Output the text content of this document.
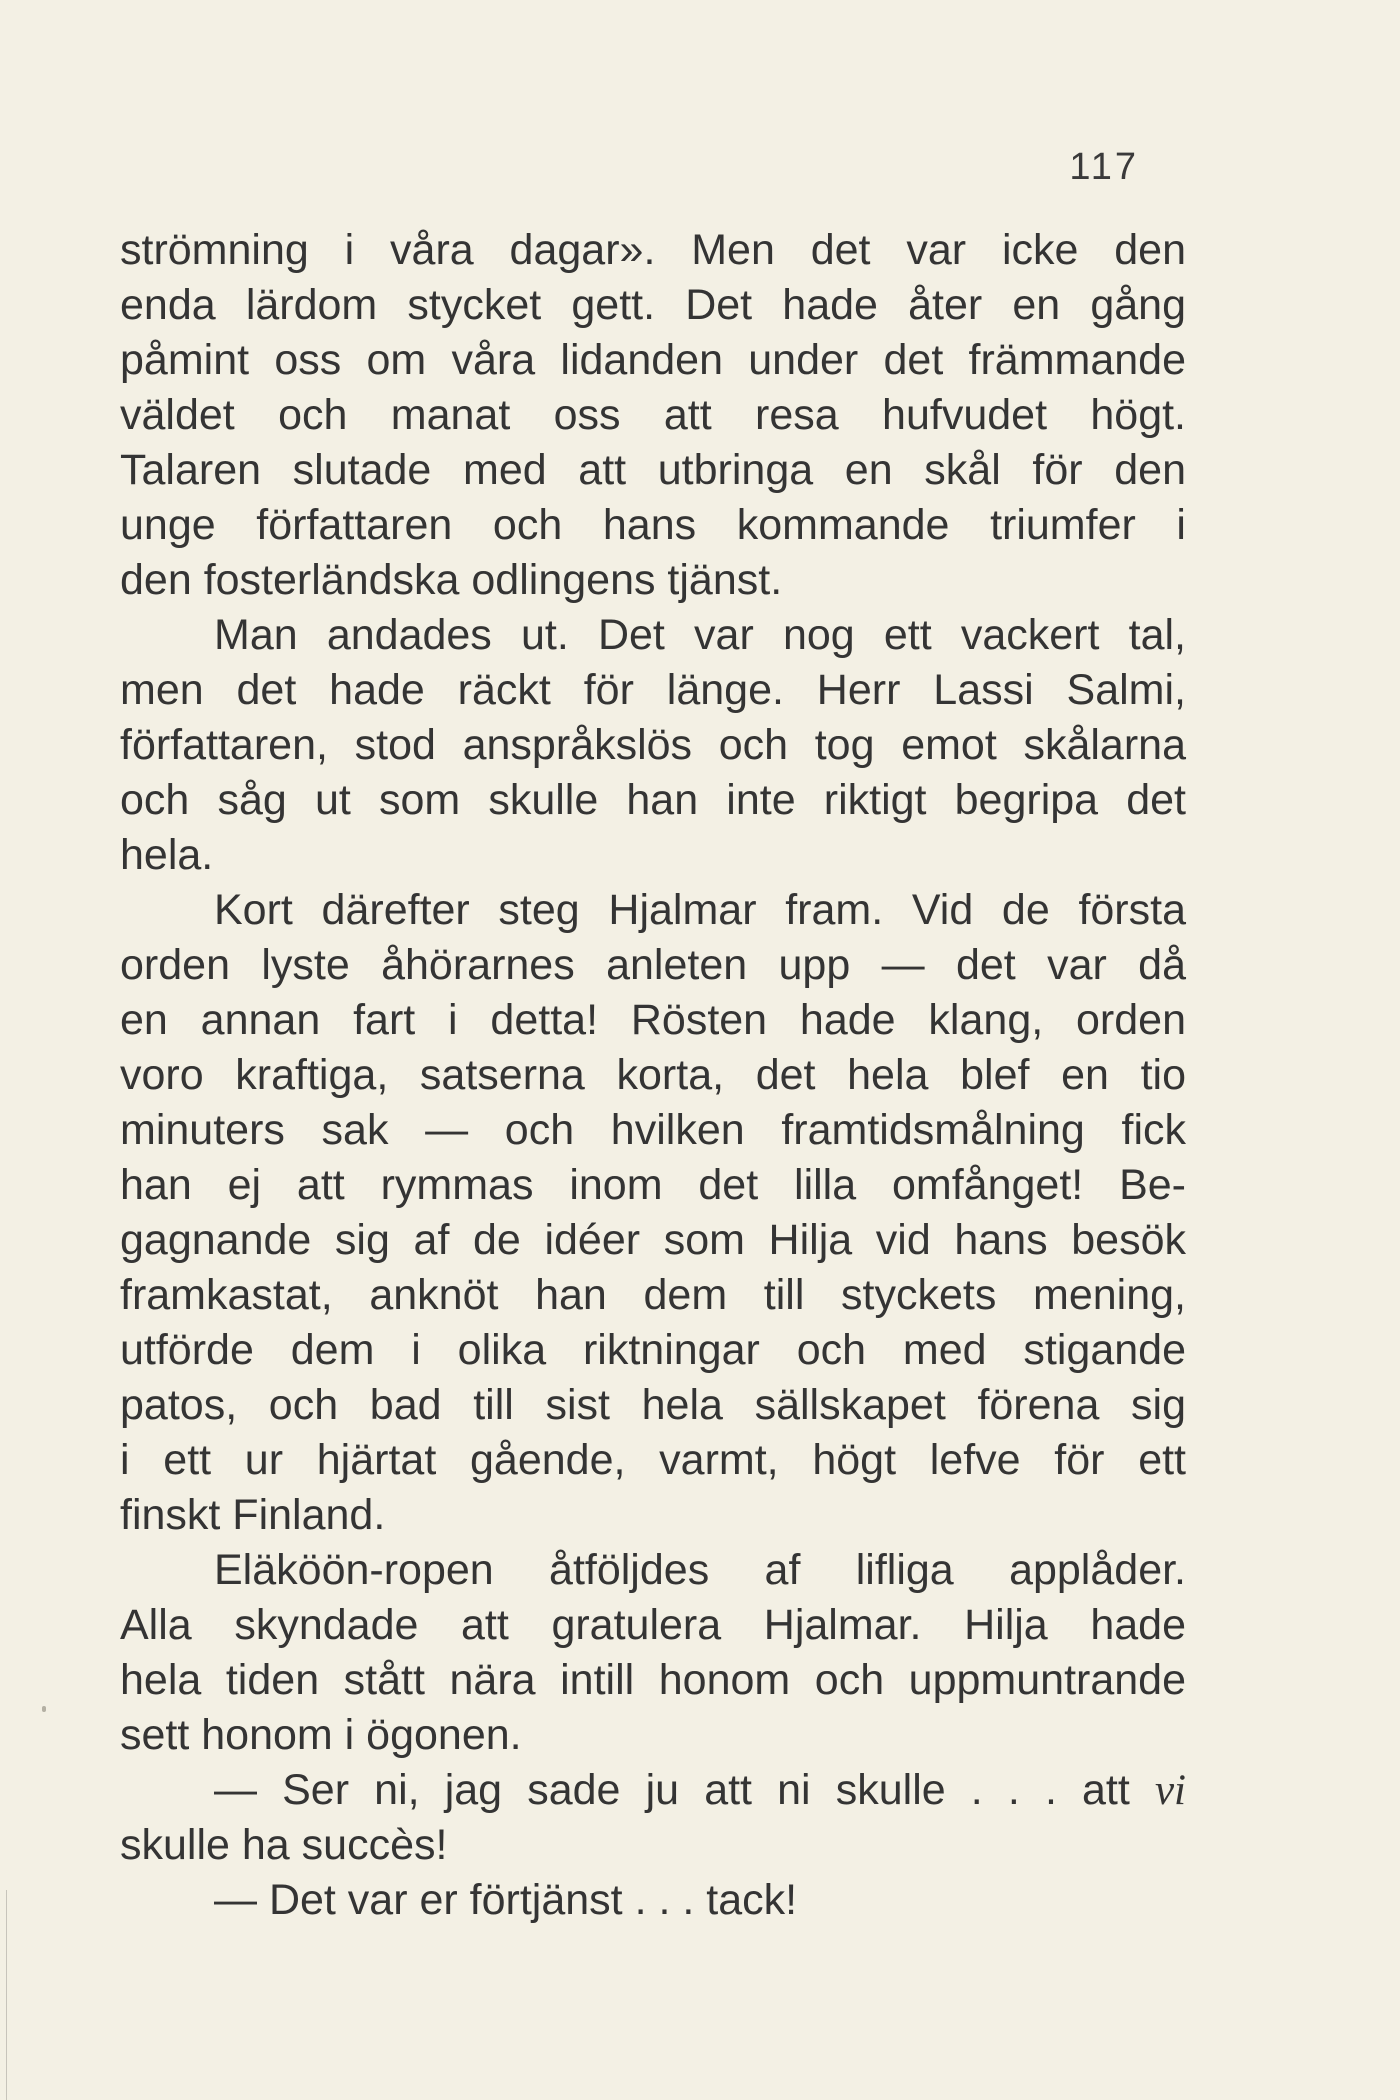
117
strömning i våra dagar». Men det var icke den
enda lärdom stycket gett. Det hade åter en gång
påmint oss om våra lidanden under det främmande
väldet och manat oss att resa hufvudet högt.
Talaren slutade med att utbringa en skål för den
unge författaren och hans kommande triumfer i
den fosterländska odlingens tjänst.
Man andades ut. Det var nog ett vackert tal,
men det hade räckt för länge. Herr Lassi Salmi,
författaren, stod anspråkslös och tog emot skålarna
och såg ut som skulle han inte riktigt begripa det
hela.
Kort därefter steg Hjalmar fram. Vid de första
orden lyste åhörarnes anleten upp — det var då
en annan fart i detta! Rösten hade klang, orden
voro kraftiga, satserna korta, det hela blef en tio
minuters sak — och hvilken framtidsmålning fick
han ej att rymmas inom det lilla omfånget! Be-
gagnande sig af de idéer som Hilja vid hans besök
framkastat, anknöt han dem till styckets mening,
utförde dem i olika riktningar och med stigande
patos, och bad till sist hela sällskapet förena sig
i ett ur hjärtat gående, varmt, högt lefve för ett
finskt Finland.
Eläköön-ropen åtföljdes af lifliga applåder.
Alla skyndade att gratulera Hjalmar. Hilja hade
hela tiden stått nära intill honom och uppmuntrande
sett honom i ögonen.
— Ser ni, jag sade ju att ni skulle . . . att vi
skulle ha succès!
— Det var er förtjänst . . . tack!
